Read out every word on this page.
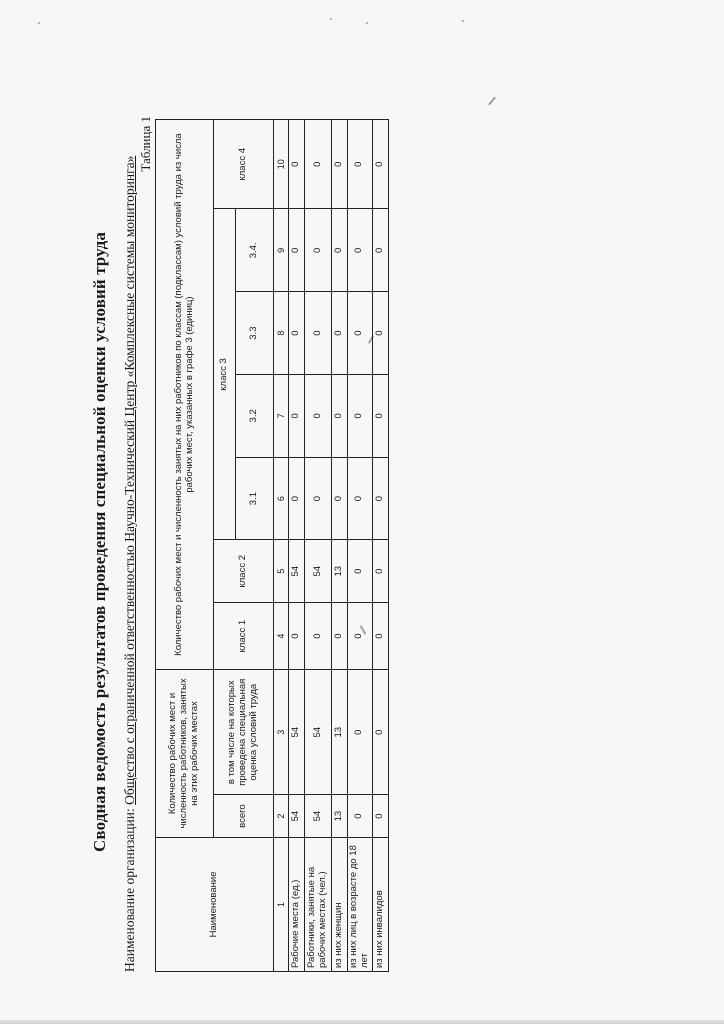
Сводная ведомость результатов проведения специальной оценки условий труда
Наименование организации: Общество с ограниченной ответственностью Научно-Технический Центр «Комплексные системы мониторинга»
Таблица 1
Наименование	Количество рабочих мест и численность работников, занятых на этих рабочих местах		Количество рабочих мест и численность занятых на них работников по классам (подклассам) условий труда из числа рабочих мест, указанных в графе 3 (единиц)						
	всего	в том числе на которых проведена специальная оценка условий труда	класс 1	класс 2	класс 3				класс 4
					3.1	3.2	3.3	3.4.	
1	2	3	4	5	6	7	8	9	10
Рабочие места (ед.)	54	54	0	54	0	0	0	0	0
Работники, занятые на рабочих местах (чел.)	54	54	0	54	0	0	0	0	0
из них женщин	13	13	0	13	0	0	0	0	0
из них лиц в возрасте до 18 лет	0	0	0	0	0	0	0	0	0
из них инвалидов	0	0	0	0	0	0	0	0	0
